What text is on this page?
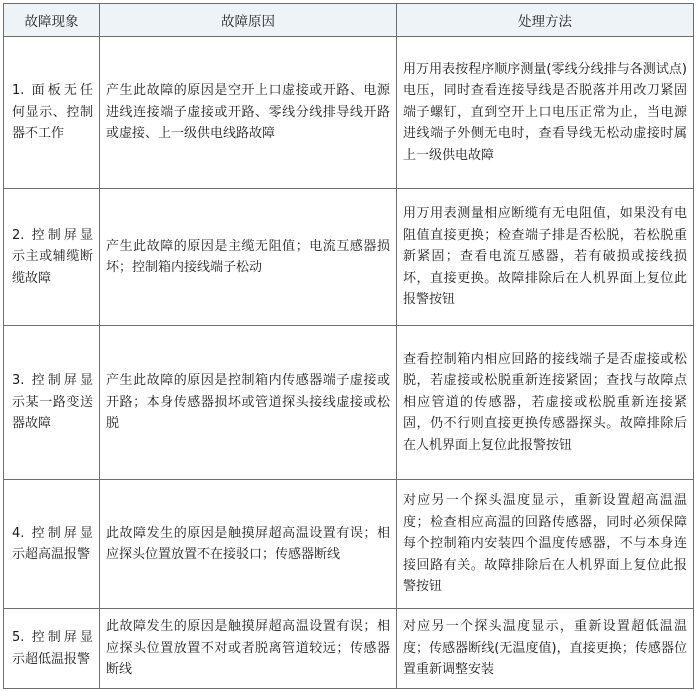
故障现象	故障原因	处理方法
1. 面板无任何显示、控制器不工作	产生此故障的原因是空开上口虚接或开路、电源进线连接端子虚接或开路、零线分线排导线开路或虚接、上一级供电线路故障	用万用表按程序顺序测量(零线分线排与各测试点)电压，同时查看连接导线是否脱落并用改刀紧固端子螺钉，直到空开上口电压正常为止，当电源进线端子外侧无电时，查看导线无松动虚接时属上一级供电故障
2. 控制屏显示主或辅缆断缆故障	产生此故障的原因是主缆无阻值；电流互感器损坏；控制箱内接线端子松动	用万用表测量相应断缆有无电阻值，如果没有电阻值直接更换；检查端子排是否松脱，若松脱重新紧固；查看电流互感器，若有破损或接线损坏，直接更换。故障排除后在人机界面上复位此报警按钮
3. 控制屏显示某一路变送器故障	产生此故障的原因是控制箱内传感器端子虚接或开路；本身传感器损坏或管道探头接线虚接或松脱	查看控制箱内相应回路的接线端子是否虚接或松脱，若虚接或松脱重新连接紧固；查找与故障点相应管道的传感器，若虚接或松脱重新连接紧固，仍不行则直接更换传感器探头。故障排除后在人机界面上复位此报警按钮
4. 控制屏显示超高温报警	此故障发生的原因是触摸屏超高温设置有误；相应探头位置放置不在接驳口；传感器断线	对应另一个探头温度显示，重新设置超高温温度；检查相应高温的回路传感器，同时必须保障每个控制箱内安装四个温度传感器，不与本身连接回路有关。故障排除后在人机界面上复位此报警按钮
5. 控制屏显示超低温报警	此故障发生的原因是触摸屏超高温设置有误；相应探头位置放置不对或者脱离管道较远；传感器断线	对应另一个探头温度显示，重新设置超低温温度；传感器断线(无温度值)，直接更换；传感器位置重新调整安装
